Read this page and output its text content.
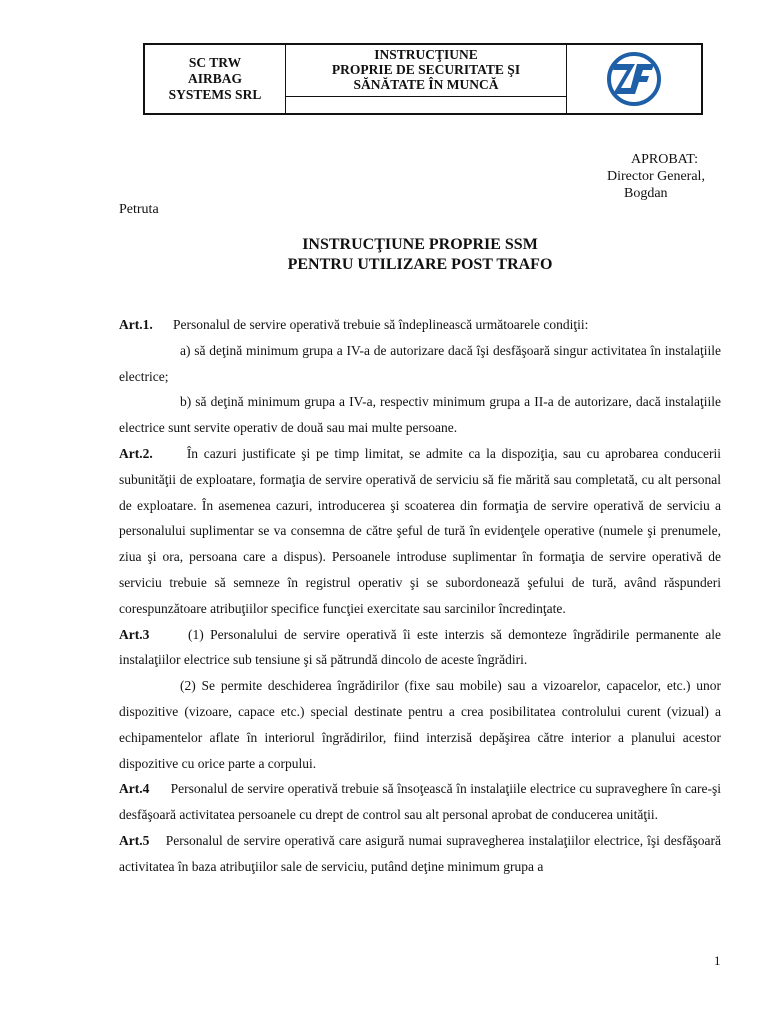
SC TRW
AIRBAG
SYSTEMS SRL
INSTRUCŢIUNE
PROPRIE DE SECURITATE ŞI
SĂNĂTATE ÎN MUNCĂ
APROBAT:
Director General,
Bogdan
Petruta
INSTRUCŢIUNE PROPRIE SSM
PENTRU UTILIZARE POST TRAFO

Art.1. Personalul de servire operativă trebuie să îndeplinească următoarele condiţii:

a) să deţină minimum grupa a IV-a de autorizare dacă îşi desfăşoară singur activitatea în instalaţiile electrice;

b) să deţină minimum grupa a IV-a, respectiv minimum grupa a II-a de autorizare, dacă instalaţiile electrice sunt servite operativ de două sau mai multe persoane.

Art.2.	În cazuri justificate şi pe timp limitat, se admite ca la dispoziţia, sau cu aprobarea conducerii subunităţii de exploatare, formaţia de servire operativă de serviciu să fie mărită sau completată, cu alt personal de exploatare. În asemenea cazuri, introducerea şi scoaterea din formaţia de servire operativă de serviciu a personalului suplimentar se va consemna de către şeful de tură în evidenţele operative (numele şi prenumele, ziua şi ora, persoana care a dispus). Persoanele introduse suplimentar în formaţia de servire operativă de serviciu trebuie să semneze în registrul operativ şi se subordonează şefului de tură, având răspunderi corespunzătoare atribuţiilor specifice funcţiei exercitate sau sarcinilor încredinţate.

Art.3	(1) Personalului de servire operativă îi este interzis să demonteze îngrădirile permanente ale instalaţiilor electrice sub tensiune şi să pătrundă dincolo de aceste îngrădiri.

(2) Se permite deschiderea îngrădirilor (fixe sau mobile) sau a vizoarelor, capacelor, etc.) unor dispozitive (vizoare, capace etc.) special destinate pentru a crea posibilitatea controlului curent (vizual) a echipamentelor aflate în interiorul îngrădirilor, fiind interzisă depăşirea către interior a planului acestor dispozitive cu orice parte a corpului.

Art.4 Personalul de servire operativă trebuie să însoţească în instalaţiile electrice cu supraveghere în care-şi desfăşoară activitatea persoanele cu drept de control sau alt personal aprobat de conducerea unităţii.

Art.5 Personalul de servire operativă care asigură numai supravegherea instalaţiilor electrice, îşi desfăşoară activitatea în baza atribuţiilor sale de serviciu, putând deţine minimum grupa a

1
